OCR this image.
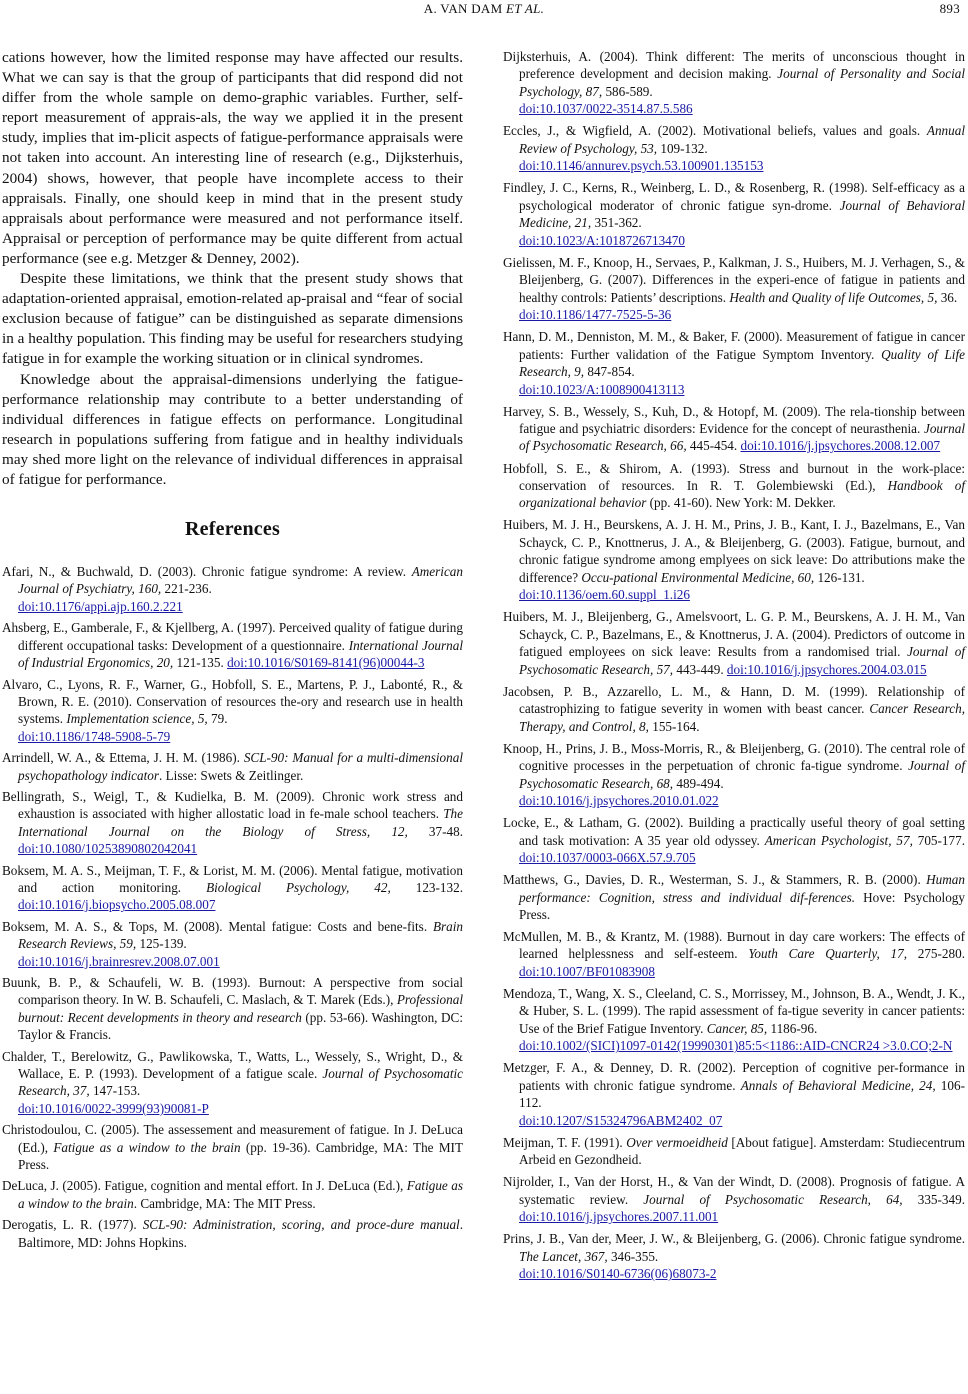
A. VAN DAM ET AL.	893

cations however, how the limited response may have affected our results. What we can say is that the group of participants that did respond did not differ from the whole sample on demo-graphic variables. Further, self-report measurement of apprais-als, the way we applied it in the present study, implies that im-plicit aspects of fatigue-performance appraisals were not taken into account. An interesting line of research (e.g., Dijksterhuis, 2004) shows, however, that people have incomplete access to their appraisals. Finally, one should keep in mind that in the present study appraisals about performance were measured and not performance itself. Appraisal or perception of performance may be quite different from actual performance (see e.g. Metzger & Denney, 2002).

Despite these limitations, we think that the present study shows that adaptation-oriented appraisal, emotion-related ap-praisal and “fear of social exclusion because of fatigue” can be distinguished as separate dimensions in a healthy population. This finding may be useful for researchers studying fatigue in for example the working situation or in clinical syndromes.

Knowledge about the appraisal-dimensions underlying the fatigue-performance relationship may contribute to a better understanding of individual differences in fatigue effects on performance. Longitudinal research in populations suffering from fatigue and in healthy individuals may shed more light on the relevance of individual differences in appraisal of fatigue for performance.

References

Afari, N., & Buchwald, D. (2003). Chronic fatigue syndrome: A review. American Journal of Psychiatry, 160, 221-236.
doi:10.1176/appi.ajp.160.2.221

Ahsberg, E., Gamberale, F., & Kjellberg, A. (1997). Perceived quality of fatigue during different occupational tasks: Development of a questionnaire. International Journal of Industrial Ergonomics, 20, 121-135. doi:10.1016/S0169-8141(96)00044-3

Alvaro, C., Lyons, R. F., Warner, G., Hobfoll, S. E., Martens, P. J., Labonté, R., & Brown, R. E. (2010). Conservation of resources the-ory and research use in health systems. Implementation science, 5, 79.
doi:10.1186/1748-5908-5-79

Arrindell, W. A., & Ettema, J. H. M. (1986). SCL-90: Manual for a multi-dimensional psychopathology indicator. Lisse: Swets & Zeitlinger.

Bellingrath, S., Weigl, T., & Kudielka, B. M. (2009). Chronic work stress and exhaustion is associated with higher allostatic load in fe-male school teachers. The International Journal on the Biology of Stress, 12, 37-48. doi:10.1080/10253890802042041

Boksem, M. A. S., Meijman, T. F., & Lorist, M. M. (2006). Mental fatigue, motivation and action monitoring. Biological Psychology, 42, 123-132. doi:10.1016/j.biopsycho.2005.08.007

Boksem, M. A. S., & Tops, M. (2008). Mental fatigue: Costs and bene-fits. Brain Research Reviews, 59, 125-139.
doi:10.1016/j.brainresrev.2008.07.001

Buunk, B. P., & Schaufeli, W. B. (1993). Burnout: A perspective from social comparison theory. In W. B. Schaufeli, C. Maslach, & T. Marek (Eds.), Professional burnout: Recent developments in theory and research (pp. 53-66). Washington, DC: Taylor & Francis.

Chalder, T., Berelowitz, G., Pawlikowska, T., Watts, L., Wessely, S., Wright, D., & Wallace, E. P. (1993). Development of a fatigue scale. Journal of Psychosomatic Research, 37, 147-153.
doi:10.1016/0022-3999(93)90081-P

Christodoulou, C. (2005). The assessement and measurement of fatigue. In J. DeLuca (Ed.), Fatigue as a window to the brain (pp. 19-36). Cambridge, MA: The MIT Press.

DeLuca, J. (2005). Fatigue, cognition and mental effort. In J. DeLuca (Ed.), Fatigue as a window to the brain. Cambridge, MA: The MIT Press.

Derogatis, L. R. (1977). SCL-90: Administration, scoring, and proce-dure manual. Baltimore, MD: Johns Hopkins.

Dijksterhuis, A. (2004). Think different: The merits of unconscious thought in preference development and decision making. Journal of Personality and Social Psychology, 87, 586-589.
doi:10.1037/0022-3514.87.5.586

Eccles, J., & Wigfield, A. (2002). Motivational beliefs, values and goals. Annual Review of Psychology, 53, 109-132.
doi:10.1146/annurev.psych.53.100901.135153

Findley, J. C., Kerns, R., Weinberg, L. D., & Rosenberg, R. (1998). Self-efficacy as a psychological moderator of chronic fatigue syn-drome. Journal of Behavioral Medicine, 21, 351-362.
doi:10.1023/A:1018726713470

Gielissen, M. F., Knoop, H., Servaes, P., Kalkman, J. S., Huibers, M. J. Verhagen, S., & Bleijenberg, G. (2007). Differences in the experi-ence of fatigue in patients and healthy controls: Patients’ descriptions. Health and Quality of life Outcomes, 5, 36.
doi:10.1186/1477-7525-5-36

Hann, D. M., Denniston, M. M., & Baker, F. (2000). Measurement of fatigue in cancer patients: Further validation of the Fatigue Symptom Inventory. Quality of Life Research, 9, 847-854.
doi:10.1023/A:1008900413113

Harvey, S. B., Wessely, S., Kuh, D., & Hotopf, M. (2009). The rela-tionship between fatigue and psychiatric disorders: Evidence for the concept of neurasthenia. Journal of Psychosomatic Research, 66, 445-454. doi:10.1016/j.jpsychores.2008.12.007

Hobfoll, S. E., & Shirom, A. (1993). Stress and burnout in the work-place: conservation of resources. In R. T. Golembiewski (Ed.), Handbook of organizational behavior (pp. 41-60). New York: M. Dekker.

Huibers, M. J. H., Beurskens, A. J. H. M., Prins, J. B., Kant, I. J., Bazelmans, E., Van Schayck, C. P., Knottnerus, J. A., & Bleijenberg, G. (2003). Fatigue, burnout, and chronic fatigue syndrome among emplyees on sick leave: Do attributions make the difference? Occu-pational Environmental Medicine, 60, 126-131.
doi:10.1136/oem.60.suppl_1.i26

Huibers, M. J., Bleijenberg, G., Amelsvoort, L. G. P. M., Beurskens, A. J. H. M., Van Schayck, C. P., Bazelmans, E., & Knottnerus, J. A. (2004). Predictors of outcome in fatigued employees on sick leave: Results from a randomised trial. Journal of Psychosomatic Research, 57, 443-449. doi:10.1016/j.jpsychores.2004.03.015

Jacobsen, P. B., Azzarello, L. M., & Hann, D. M. (1999). Relationship of catastrophizing to fatigue severity in women with beast cancer. Cancer Research, Therapy, and Control, 8, 155-164.

Knoop, H., Prins, J. B., Moss-Morris, R., & Bleijenberg, G. (2010). The central role of cognitive processes in the perpetuation of chronic fa-tigue syndrome. Journal of Psychosomatic Research, 68, 489-494.
doi:10.1016/j.jpsychores.2010.01.022

Locke, E., & Latham, G. (2002). Building a practically useful theory of goal setting and task motivation: A 35 year old odyssey. American Psychologist, 57, 705-177. doi:10.1037/0003-066X.57.9.705

Matthews, G., Davies, D. R., Westerman, S. J., & Stammers, R. B. (2000). Human performance: Cognition, stress and individual dif-ferences. Hove: Psychology Press.

McMullen, M. B., & Krantz, M. (1988). Burnout in day care workers: The effects of learned helplessness and self-esteem. Youth Care Quarterly, 17, 275-280. doi:10.1007/BF01083908

Mendoza, T., Wang, X. S., Cleeland, C. S., Morrissey, M., Johnson, B. A., Wendt, J. K., & Huber, S. L. (1999). The rapid assessment of fa-tigue severity in cancer patients: Use of the Brief Fatigue Inventory. Cancer, 85, 1186-96.
doi:10.1002/(SICI)1097-0142(19990301)85:5<1186::AID-CNCR24 >3.0.CO;2-N

Metzger, F. A., & Denney, D. R. (2002). Perception of cognitive per-formance in patients with chronic fatigue syndrome. Annals of Behavioral Medicine, 24, 106-112.
doi:10.1207/S15324796ABM2402_07

Meijman, T. F. (1991). Over vermoeidheid [About fatigue]. Amsterdam: Studiecentrum Arbeid en Gezondheid.

Nijrolder, I., Van der Horst, H., & Van der Windt, D. (2008). Prognosis of fatigue. A systematic review. Journal of Psychosomatic Research, 64, 335-349. doi:10.1016/j.jpsychores.2007.11.001

Prins, J. B., Van der, Meer, J. W., & Bleijenberg, G. (2006). Chronic fatigue syndrome. The Lancet, 367, 346-355.
doi:10.1016/S0140-6736(06)68073-2
